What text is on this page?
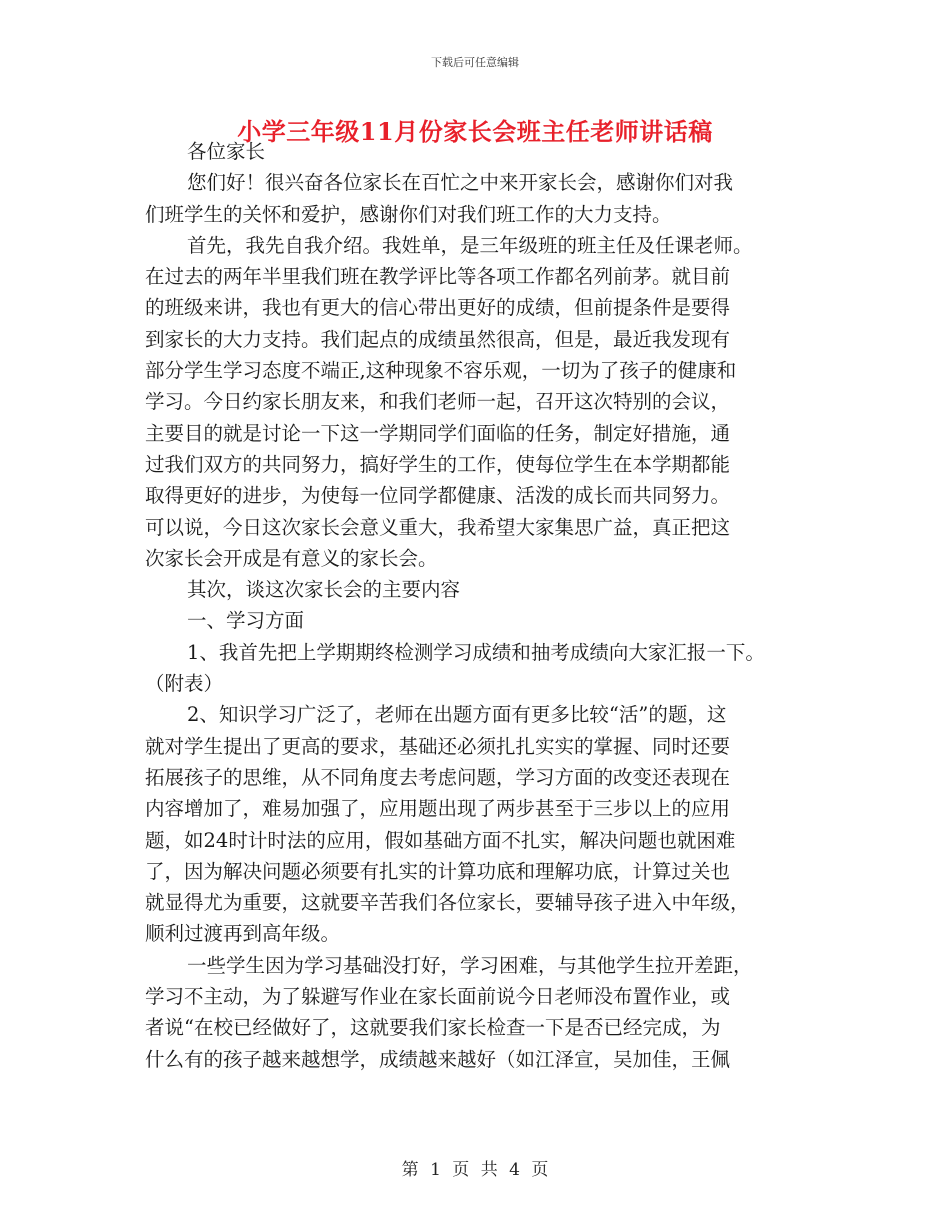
下载后可任意编辑
小学三年级11月份家长会班主任老师讲话稿
各位家长
您们好！很兴奋各位家长在百忙之中来开家长会，感谢你们对我
们班学生的关怀和爱护，感谢你们对我们班工作的大力支持。
首先，我先自我介绍。我姓单，是三年级班的班主任及任课老师。
在过去的两年半里我们班在教学评比等各项工作都名列前茅。就目前
的班级来讲，我也有更大的信心带出更好的成绩，但前提条件是要得
到家长的大力支持。我们起点的成绩虽然很高，但是，最近我发现有
部分学生学习态度不端正,这种现象不容乐观，一切为了孩子的健康和
学习。今日约家长朋友来，和我们老师一起，召开这次特别的会议，
主要目的就是讨论一下这一学期同学们面临的任务，制定好措施，通
过我们双方的共同努力，搞好学生的工作，使每位学生在本学期都能
取得更好的进步，为使每一位同学都健康、活泼的成长而共同努力。
可以说，今日这次家长会意义重大，我希望大家集思广益，真正把这
次家长会开成是有意义的家长会。
其次，谈这次家长会的主要内容
一、学习方面
1、我首先把上学期期终检测学习成绩和抽考成绩向大家汇报一下。
（附表）
2、知识学习广泛了，老师在出题方面有更多比较“活”的题，这
就对学生提出了更高的要求，基础还必须扎扎实实的掌握、同时还要
拓展孩子的思维，从不同角度去考虑问题，学习方面的改变还表现在
内容增加了，难易加强了，应用题出现了两步甚至于三步以上的应用
题，如24时计时法的应用，假如基础方面不扎实，解决问题也就困难
了，因为解决问题必须要有扎实的计算功底和理解功底，计算过关也
就显得尤为重要，这就要辛苦我们各位家长，要辅导孩子进入中年级，
顺利过渡再到高年级。
一些学生因为学习基础没打好，学习困难，与其他学生拉开差距，
学习不主动，为了躲避写作业在家长面前说今日老师没布置作业，或
者说“在校已经做好了，这就要我们家长检查一下是否已经完成，为
什么有的孩子越来越想学，成绩越来越好（如江泽宣，吴加佳，王佩
第 1 页 共 4 页
